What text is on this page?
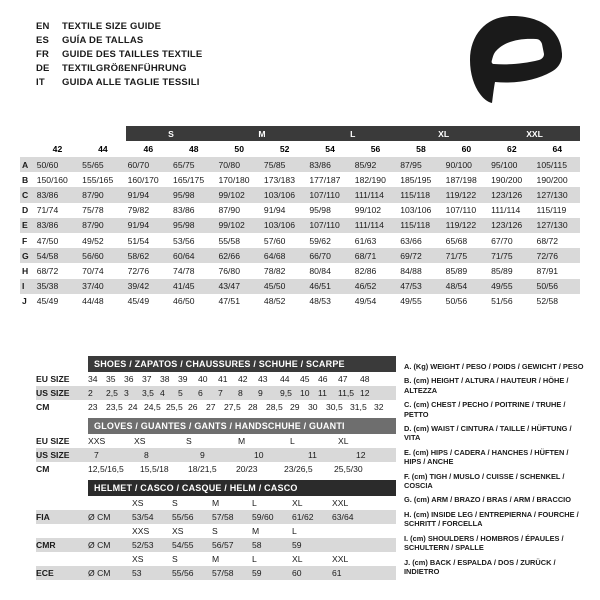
EN	TEXTILE SIZE GUIDE
ES	GUÍA DE TALLAS
FR	GUIDE DES TAILLES TEXTILE
DE	TEXTILGRÖßENFÜHRUNG
IT	GUIDA ALLE TAGLIE TESSILI
			S		M		L		XL		XXL	
	42	44	46	48	50	52	54	56	58	60	62	64
A	50/60	55/65	60/70	65/75	70/80	75/85	83/86	85/92	87/95	90/100	95/100	105/115
B	150/160	155/165	160/170	165/175	170/180	173/183	177/187	182/190	185/195	187/198	190/200	190/200
C	83/86	87/90	91/94	95/98	99/102	103/106	107/110	111/114	115/118	119/122	123/126	127/130
D	71/74	75/78	79/82	83/86	87/90	91/94	95/98	99/102	103/106	107/110	111/114	115/119
E	83/86	87/90	91/94	95/98	99/102	103/106	107/110	111/114	115/118	119/122	123/126	127/130
F	47/50	49/52	51/54	53/56	55/58	57/60	59/62	61/63	63/66	65/68	67/70	68/72
G	54/58	56/60	58/62	60/64	62/66	64/68	66/70	68/71	69/72	71/75	71/75	72/76
H	68/72	70/74	72/76	74/78	76/80	78/82	80/84	82/86	84/88	85/89	85/89	87/91
I	35/38	37/40	39/42	41/45	43/47	45/50	46/51	46/52	47/53	48/54	49/55	50/56
J	45/49	44/48	45/49	46/50	47/51	48/52	48/53	49/54	49/55	50/56	51/56	52/58
SHOES / ZAPATOS / CHAUSSURES / SCHUHE / SCARPE
EU SIZE	34 35 36 37 38 39	40	41	42	43	44	45 46	47	48
US SIZE	2	2,5 3	3,5 4	5	6	7	8	9	9,5 10 11	11,5 12
CM	23 23,5 24 24,5 25,5 26 27 27,5 28 28,5 29 30 30,5 31,5 32
GLOVES / GUANTES / GANTS / HANDSCHUHE / GUANTI
EU SIZE	XXS	XS	S	M	L	XL
US SIZE	7	8	9	10	11	12
CM	12,5/16,5	15,5/18	18/21,5	20/23	23/26,5	25,5/30
HELMET / CASCO / CASQUE / HELM / CASCO
XS	S	M	L	XL	XXL
FIA	Ø CM	53/54	55/56	57/58	59/60	61/62	63/64
XXS	XS	S	M	L
CMR	Ø CM	52/53	54/55	56/57	58	59
XS	S	M	L	XL	XXL
ECE	Ø CM	53	55/56	57/58	59	60	61

A. (Kg) WEIGHT / PESO / POIDS / GEWICHT / PESO

B. (cm) HEIGHT / ALTURA / HAUTEUR / HÖHE / ALTEZZA

C. (cm) CHEST / PECHO / POITRINE / TRUHE / PETTO

D. (cm) WAIST / CINTURA / TAILLE / HÜFTUNG / VITA

E. (cm) HIPS / CADERA / HANCHES / HÜFTEN / HIPS / ANCHE

F. (cm) TIGH / MUSLO / CUISSE / SCHENKEL / COSCIA

G. (cm) ARM / BRAZO / BRAS / ARM / BRACCIO

H. (cm) INSIDE LEG / ENTREPIERNA / FOURCHE / SCHRITT / FORCELLA

I. (cm) SHOULDERS / HOMBROS / ÉPAULES / SCHULTERN / SPALLE

J. (cm) BACK / ESPALDA / DOS / ZURÜCK / INDIETRO
